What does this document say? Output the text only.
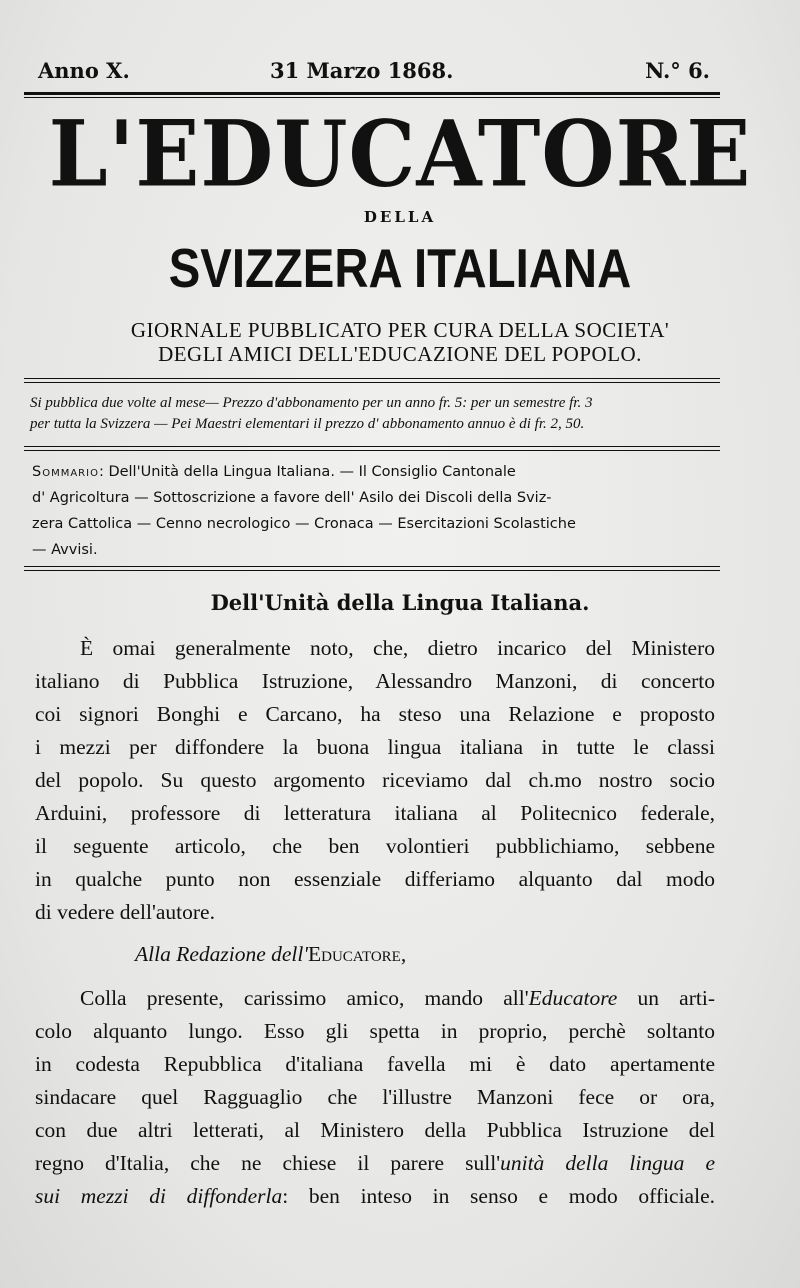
Anno X.	31 Marzo 1868.	N.° 6.
L'EDUCATORE
DELLA
SVIZZERA ITALIANA
GIORNALE PUBBLICATO PER CURA DELLA SOCIETA'
DEGLI AMICI DELL'EDUCAZIONE DEL POPOLO.
Si pubblica due volte al mese— Prezzo d'abbonamento per un anno fr. 5: per un semestre fr. 3
per tutta la Svizzera — Pei Maestri elementari il prezzo d' abbonamento annuo è di fr. 2, 50.
Sommario: Dell'Unità della Lingua Italiana. — Il Consiglio Cantonale
d' Agricoltura — Sottoscrizione a favore dell' Asilo dei Discoli della Sviz-
zera Cattolica — Cenno necrologico — Cronaca — Esercitazioni Scolastiche
— Avvisi.
Dell'Unità della Lingua Italiana.
È omai generalmente noto, che, dietro incarico del Ministero
italiano di Pubblica Istruzione, Alessandro Manzoni, di concerto
coi signori Bonghi e Carcano, ha steso una Relazione e proposto
i mezzi per diffondere la buona lingua italiana in tutte le classi
del popolo. Su questo argomento riceviamo dal ch.mo nostro socio
Arduini, professore di letteratura italiana al Politecnico federale,
il seguente articolo, che ben volontieri pubblichiamo, sebbene
in qualche punto non essenziale differiamo alquanto dal modo
di vedere dell'autore.
Alla Redazione dell'Educatore,
Colla presente, carissimo amico, mando all'Educatore un arti-
colo alquanto lungo. Esso gli spetta in proprio, perchè soltanto
in codesta Repubblica d'italiana favella mi è dato apertamente
sindacare quel Ragguaglio che l'illustre Manzoni fece or ora,
con due altri letterati, al Ministero della Pubblica Istruzione del
regno d'Italia, che ne chiese il parere sull'unità della lingua e
sui mezzi di diffonderla: ben inteso in senso e modo officiale.
